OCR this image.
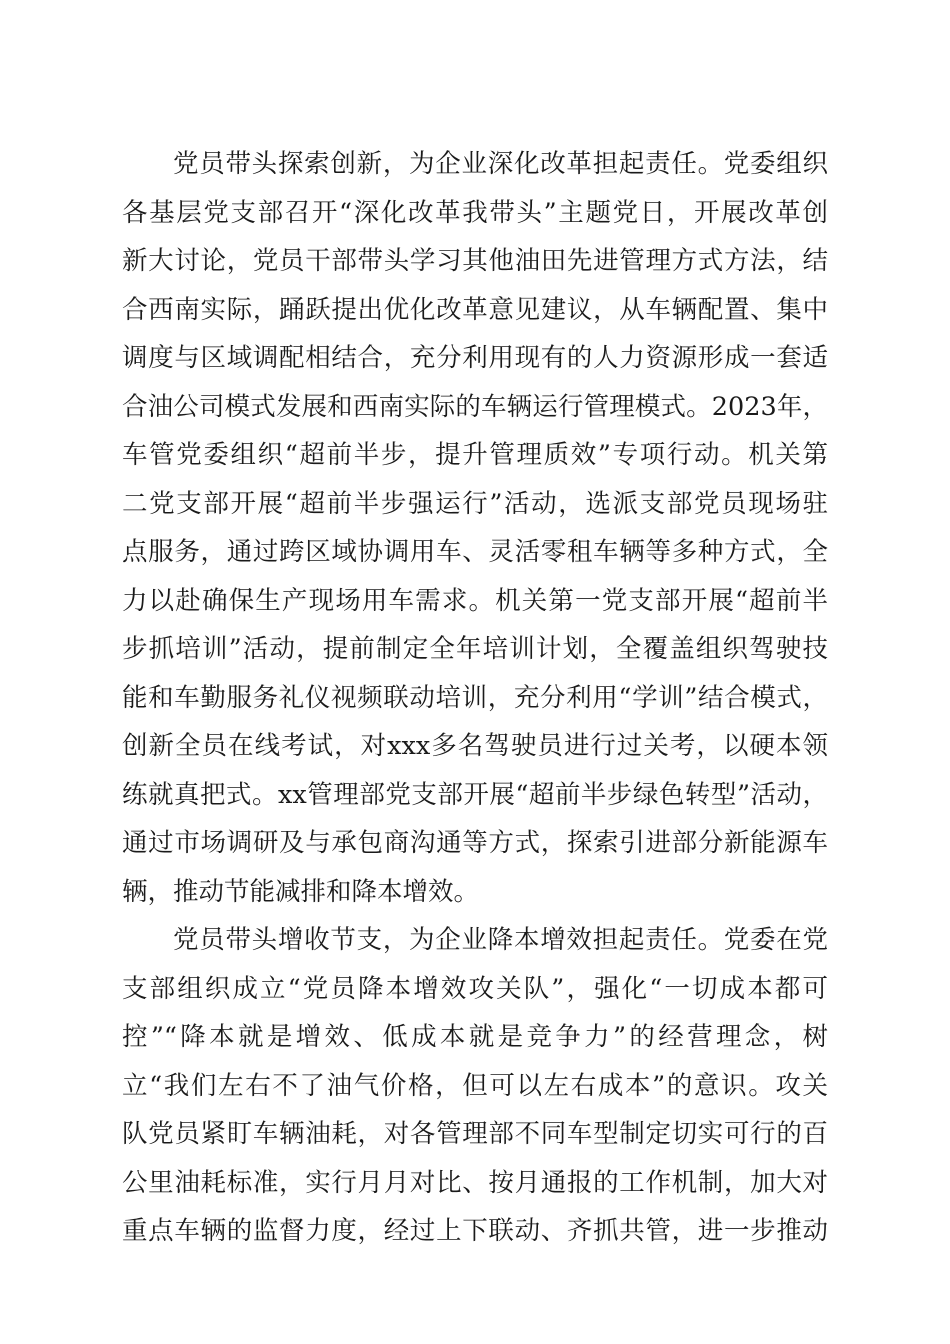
党员带头探索创新，为企业深化改革担起责任。党委组织
各基层党支部召开“深化改革我带头”主题党日，开展改革创
新大讨论，党员干部带头学习其他油田先进管理方式方法，结
合西南实际，踊跃提出优化改革意见建议，从车辆配置、集中
调度与区域调配相结合，充分利用现有的人力资源形成一套适
合油公司模式发展和西南实际的车辆运行管理模式。2023年，
车管党委组织“超前半步，提升管理质效”专项行动。机关第
二党支部开展“超前半步强运行”活动，选派支部党员现场驻
点服务，通过跨区域协调用车、灵活零租车辆等多种方式，全
力以赴确保生产现场用车需求。机关第一党支部开展“超前半
步抓培训”活动，提前制定全年培训计划，全覆盖组织驾驶技
能和车勤服务礼仪视频联动培训，充分利用“学训”结合模式，
创新全员在线考试，对xxx多名驾驶员进行过关考，以硬本领
练就真把式。xx管理部党支部开展“超前半步绿色转型”活动，
通过市场调研及与承包商沟通等方式，探索引进部分新能源车
辆，推动节能减排和降本增效。
党员带头增收节支，为企业降本增效担起责任。党委在党
支部组织成立“党员降本增效攻关队”，强化“一切成本都可
控”“降本就是增效、低成本就是竞争力”的经营理念，树
立“我们左右不了油气价格，但可以左右成本”的意识。攻关
队党员紧盯车辆油耗，对各管理部不同车型制定切实可行的百
公里油耗标准，实行月月对比、按月通报的工作机制，加大对
重点车辆的监督力度，经过上下联动、齐抓共管，进一步推动
